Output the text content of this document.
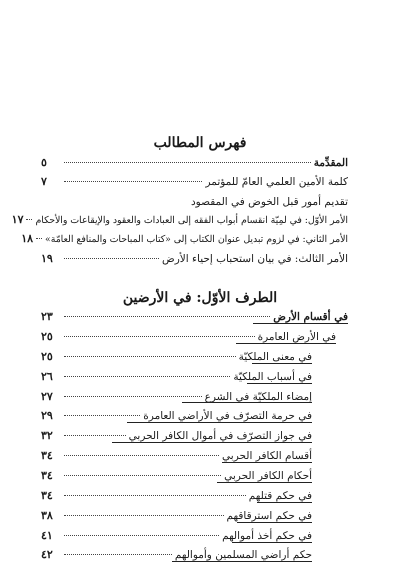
فهرس المطالب
الطرف الأوّل: في الأرضين
المقدِّمة
٥
كلمة الأمين العلمي العامّ للمؤتمر
٧
تقديم أمور قبل الخوض في المقصود
الأمر الأوّل: في لمِيّة انقسام أبواب الفقه إلى العبادات والعقود والإيقاعات والأحكام
١٧
الأمر الثاني: في لزوم تبديل عنوان الكتاب إلى «كتاب المباحات والمنافع العامّة»
١٨
الأمر الثالث: في بيان استحباب إحياء الأرض
١٩
في أقسام الأرض
٢٣
في الأرض العامرة
٢٥
في معنى الملكيّة
٢٥
في أسباب الملكيّة
٢٦
إمضاء الملكيّة في الشرع
٢٧
في حرمة التصرّف في الأراضي العامرة
٢٩
في جواز التصرّف في أموال الكافر الحربي
٣٢
أقسام الكافر الحربي
٣٤
أحكام الكافر الحربي
٣٤
في حكم قتلهم
٣٤
في حكم استرقاقهم
٣٨
في حكم أخذ أموالهم
٤١
حكم أراضي المسلمين وأموالهم
٤٢
